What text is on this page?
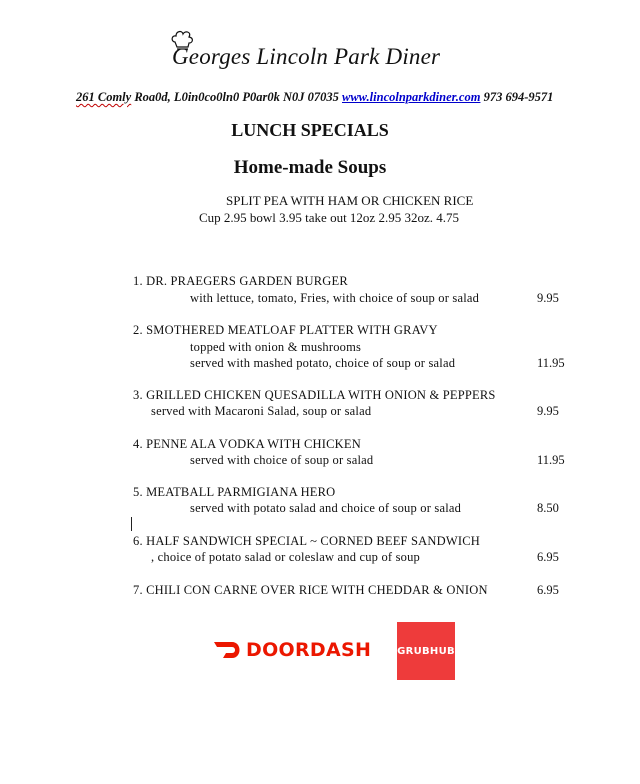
Georges Lincoln Park Diner
261 Comly Roa0d, L0in0co0ln0 P0ar0k N0J 07035 www.lincolnparkdiner.com 973 694-9571
LUNCH SPECIALS
Home-made Soups
SPLIT PEA WITH HAM OR CHICKEN RICE
Cup 2.95 bowl 3.95 take out 12oz 2.95 32oz. 4.75
1. DR. PRAEGERS GARDEN BURGER
with lettuce, tomato, Fries, with choice of soup or salad	9.95
2. SMOTHERED MEATLOAF PLATTER WITH GRAVY
topped with onion & mushrooms
served with mashed potato, choice of soup or salad	11.95
3. GRILLED CHICKEN QUESADILLA WITH ONION & PEPPERS
served with Macaroni Salad, soup or salad	9.95
4. PENNE ALA VODKA WITH CHICKEN
served with choice of soup or salad	11.95
5. MEATBALL PARMIGIANA HERO
served with potato salad and choice of soup or salad	8.50
6. HALF SANDWICH SPECIAL ~ CORNED BEEF SANDWICH
, choice of potato salad or coleslaw and cup of soup	6.95
7. CHILI CON CARNE OVER RICE WITH CHEDDAR & ONION	6.95
DOORDASH	GRUBHUB
